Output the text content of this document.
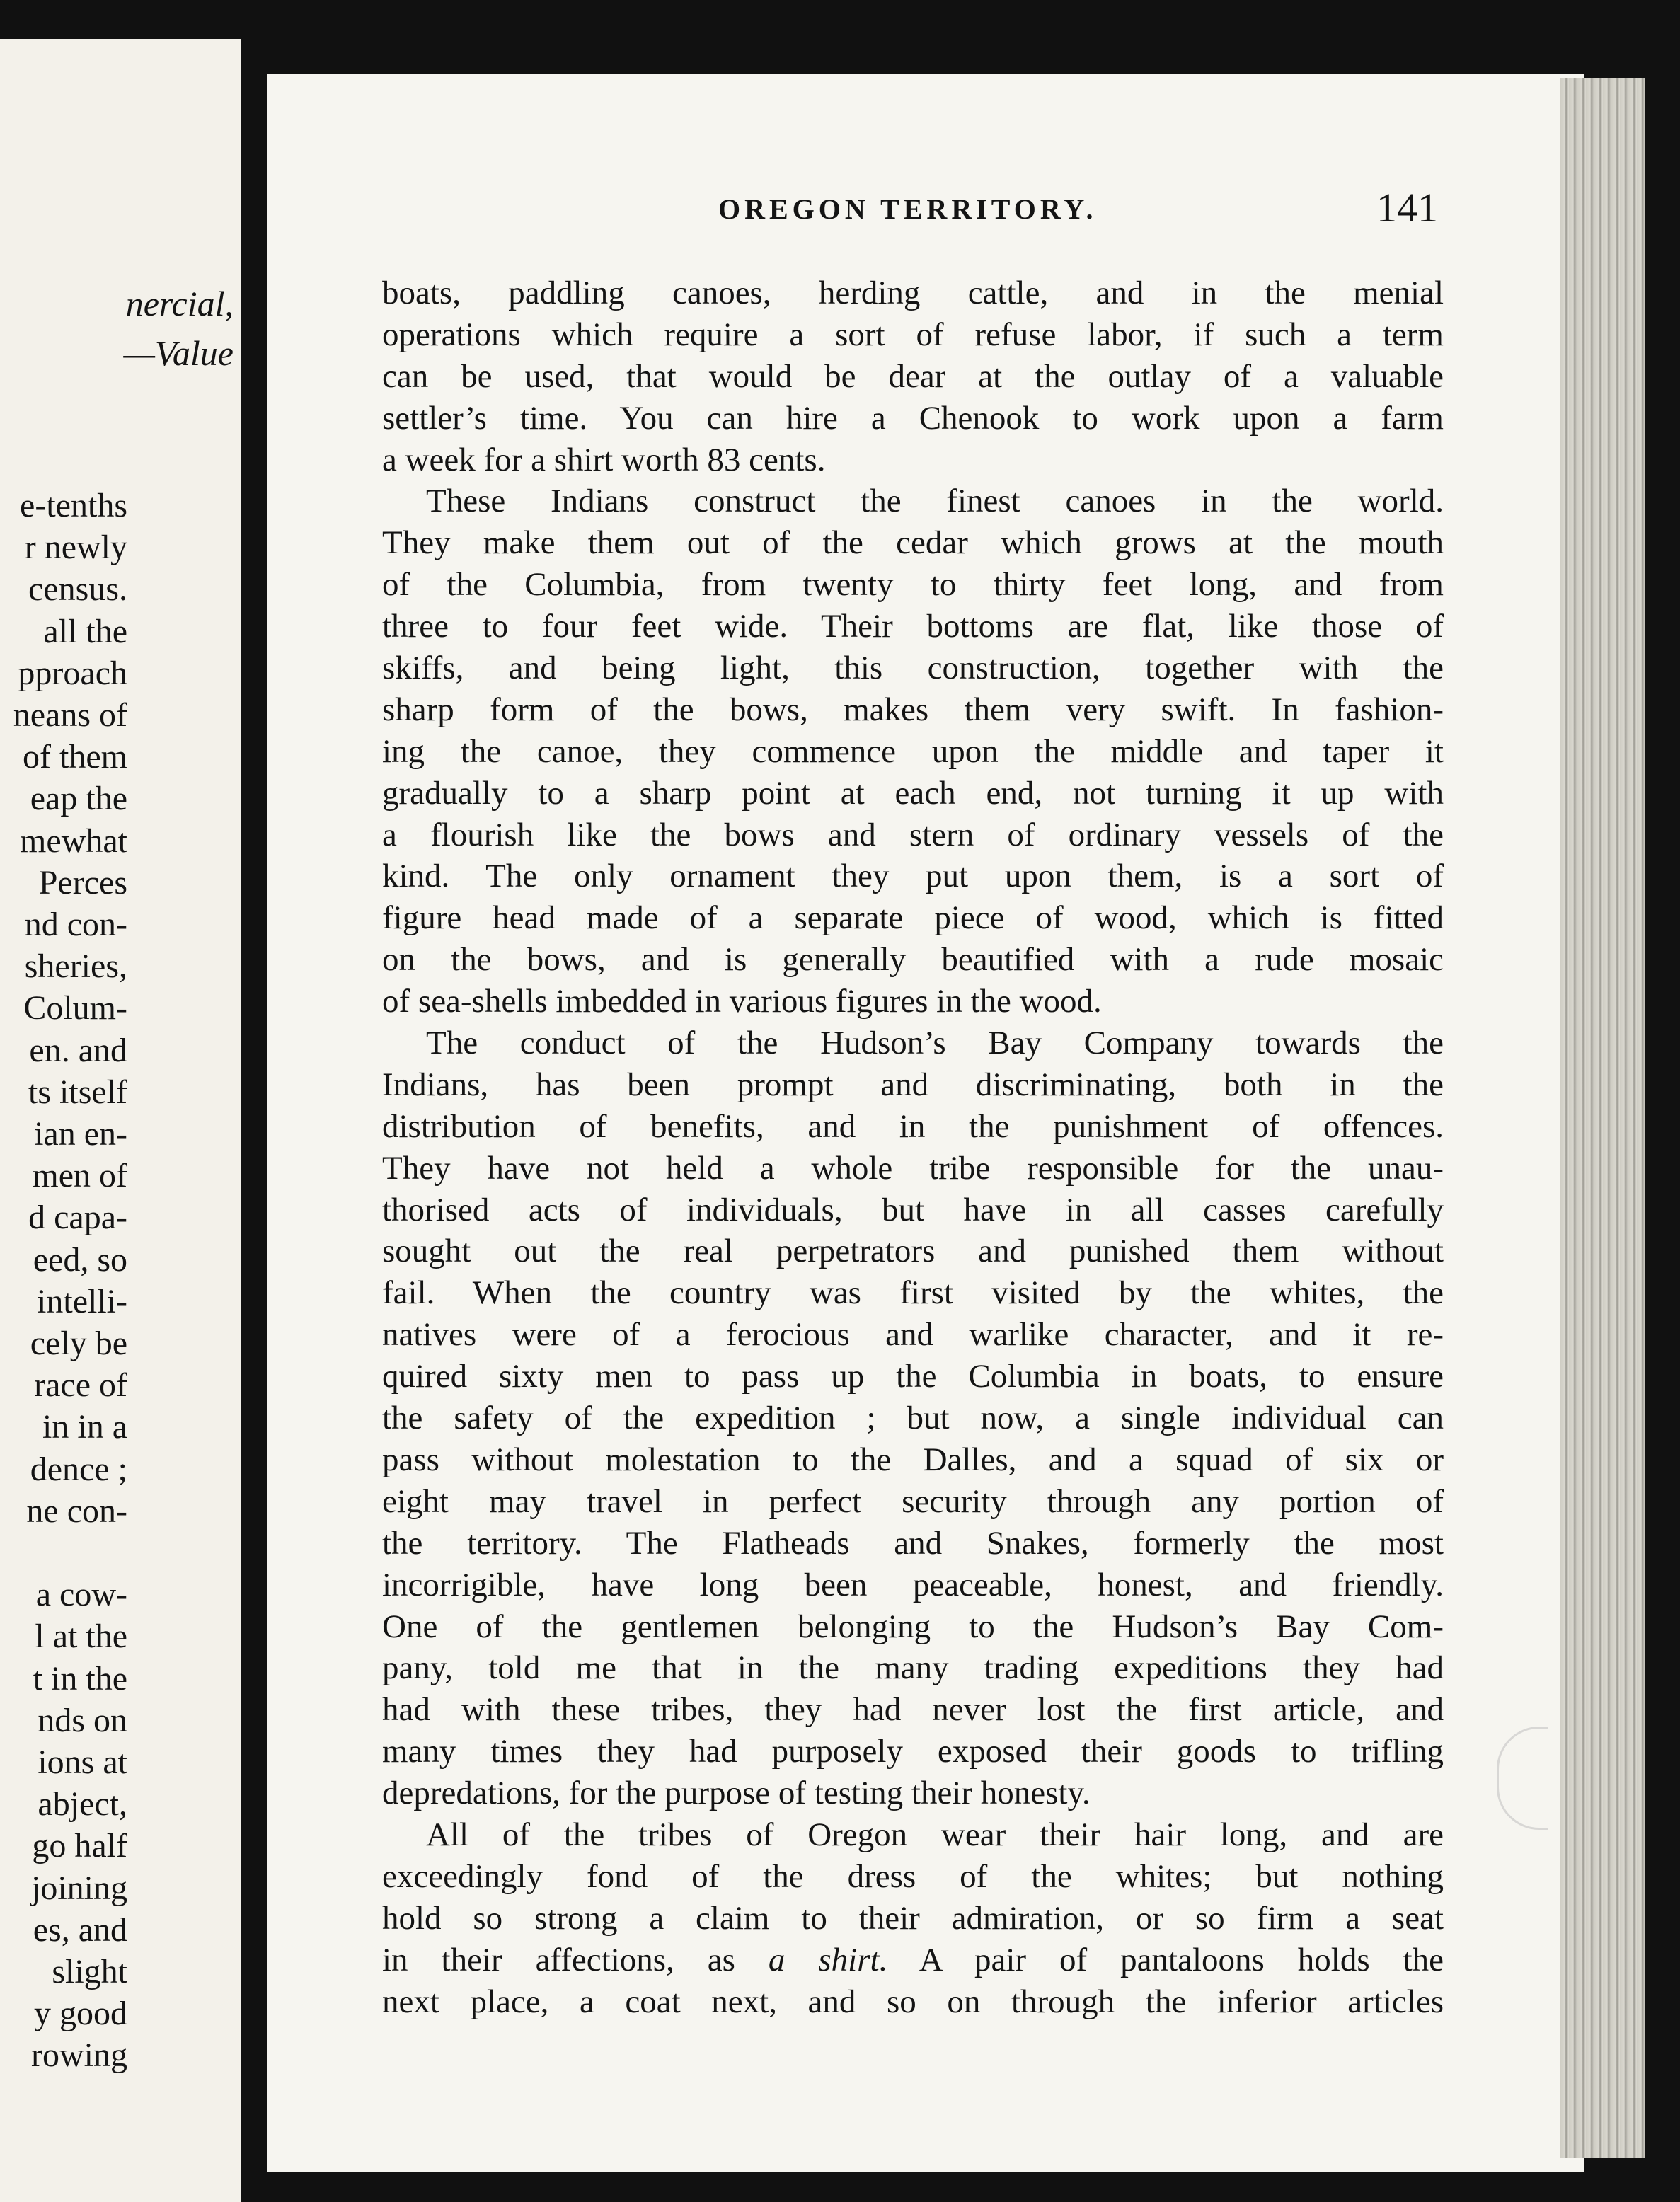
nercial,
—Value
e-tenths
r newly
census.
all the
pproach
neans of
of them
eap the
mewhat
Perces
nd con-
sheries,
Colum-
en. and
ts itself
ian en-
men of
d capa-
eed, so
intelli-
cely be
race of
in in a
dence ;
ne con-
a cow-
l at the
t in the
nds on
ions at
abject,
go half
joining
es, and
slight
y good
rowing
OREGON TERRITORY.	141
boats, paddling canoes, herding cattle, and in the menial
operations which require a sort of refuse labor, if such a term
can be used, that would be dear at the outlay of a valuable
settler’s time. You can hire a Chenook to work upon a farm
a week for a shirt worth 83 cents.
These Indians construct the finest canoes in the world.
They make them out of the cedar which grows at the mouth
of the Columbia, from twenty to thirty feet long, and from
three to four feet wide. Their bottoms are flat, like those of
skiffs, and being light, this construction, together with the
sharp form of the bows, makes them very swift. In fashion-
ing the canoe, they commence upon the middle and taper it
gradually to a sharp point at each end, not turning it up with
a flourish like the bows and stern of ordinary vessels of the
kind. The only ornament they put upon them, is a sort of
figure head made of a separate piece of wood, which is fitted
on the bows, and is generally beautified with a rude mosaic
of sea-shells imbedded in various figures in the wood.
The conduct of the Hudson’s Bay Company towards the
Indians, has been prompt and discriminating, both in the
distribution of benefits, and in the punishment of offences.
They have not held a whole tribe responsible for the unau-
thorised acts of individuals, but have in all casses carefully
sought out the real perpetrators and punished them without
fail. When the country was first visited by the whites, the
natives were of a ferocious and warlike character, and it re-
quired sixty men to pass up the Columbia in boats, to ensure
the safety of the expedition ; but now, a single individual can
pass without molestation to the Dalles, and a squad of six or
eight may travel in perfect security through any portion of
the territory. The Flatheads and Snakes, formerly the most
incorrigible, have long been peaceable, honest, and friendly.
One of the gentlemen belonging to the Hudson’s Bay Com-
pany, told me that in the many trading expeditions they had
had with these tribes, they had never lost the first article, and
many times they had purposely exposed their goods to trifling
depredations, for the purpose of testing their honesty.
All of the tribes of Oregon wear their hair long, and are
exceedingly fond of the dress of the whites; but nothing
hold so strong a claim to their admiration, or so firm a seat
in their affections, as a shirt. A pair of pantaloons holds the
next place, a coat next, and so on through the inferior articles
